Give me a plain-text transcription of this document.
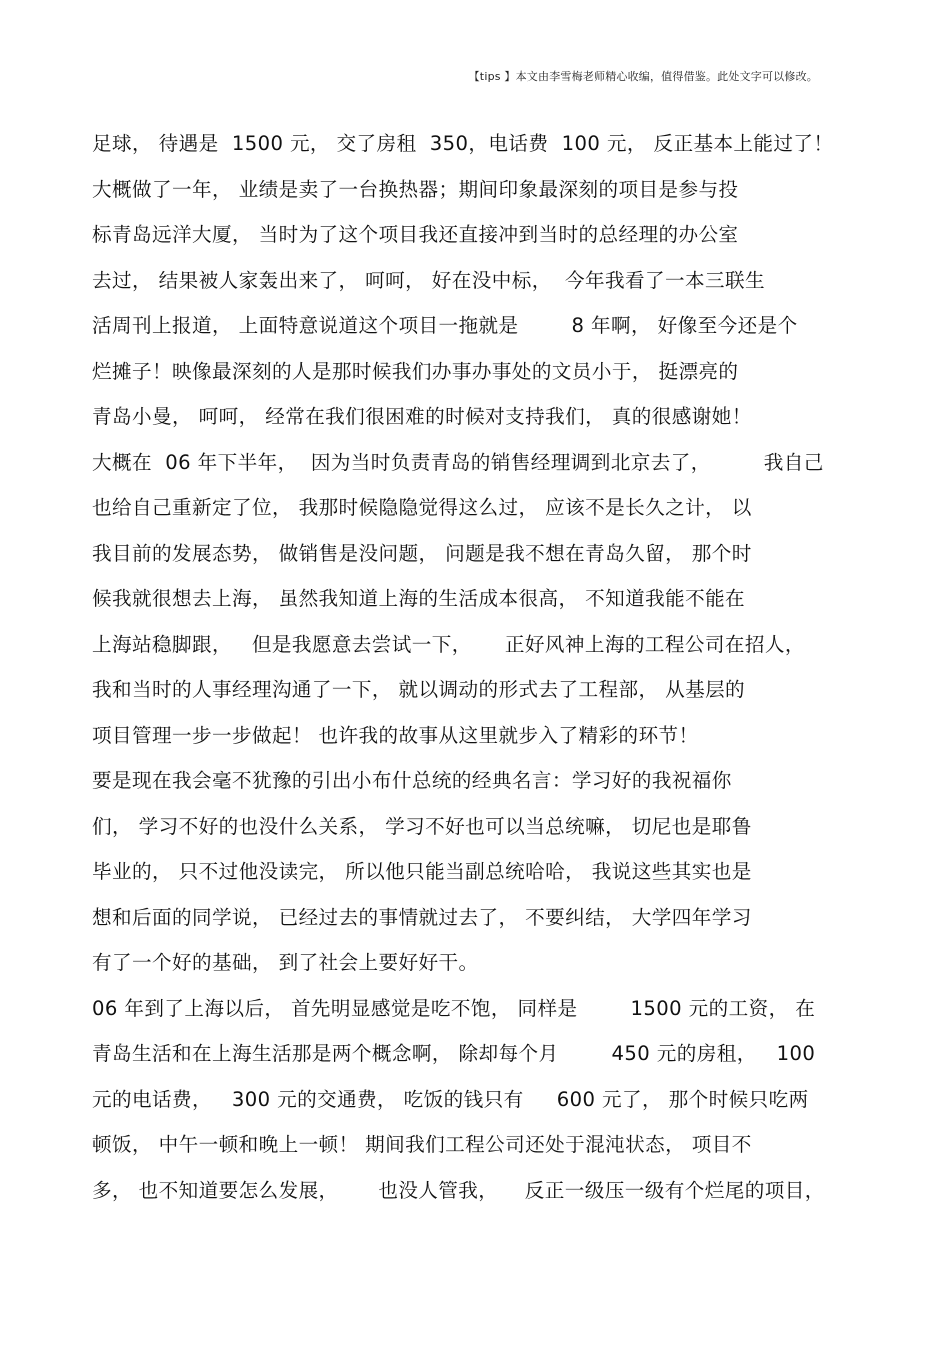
【tips 】本文由李雪梅老师精心收编，值得借鉴。此处文字可以修改。
足球， 待遇是  1500 元， 交了房租  350，电话费  100 元， 反正基本上能过了！
大概做了一年， 业绩是卖了一台换热器；期间印象最深刻的项目是参与投
标青岛远洋大厦， 当时为了这个项目我还直接冲到当时的总经理的办公室
去过， 结果被人家轰出来了， 呵呵， 好在没中标，  今年我看了一本三联生
活周刊上报道， 上面特意说道这个项目一拖就是        8 年啊， 好像至今还是个
烂摊子！映像最深刻的人是那时候我们办事办事处的文员小于， 挺漂亮的
青岛小曼， 呵呵， 经常在我们很困难的时候对支持我们， 真的很感谢她！
大概在  06 年下半年，  因为当时负责青岛的销售经理调到北京去了，        我自己
也给自己重新定了位， 我那时候隐隐觉得这么过， 应该不是长久之计， 以
我目前的发展态势， 做销售是没问题， 问题是我不想在青岛久留， 那个时
候我就很想去上海， 虽然我知道上海的生活成本很高， 不知道我能不能在
上海站稳脚跟，   但是我愿意去尝试一下，     正好风神上海的工程公司在招人，
我和当时的人事经理沟通了一下， 就以调动的形式去了工程部， 从基层的
项目管理一步一步做起！ 也许我的故事从这里就步入了精彩的环节！
要是现在我会毫不犹豫的引出小布什总统的经典名言：学习好的我祝福你
们， 学习不好的也没什么关系， 学习不好也可以当总统嘛， 切尼也是耶鲁
毕业的， 只不过他没读完， 所以他只能当副总统哈哈， 我说这些其实也是
想和后面的同学说， 已经过去的事情就过去了， 不要纠结， 大学四年学习
有了一个好的基础， 到了社会上要好好干。
06 年到了上海以后， 首先明显感觉是吃不饱， 同样是        1500 元的工资， 在
青岛生活和在上海生活那是两个概念啊， 除却每个月        450 元的房租，   100
元的电话费，   300 元的交通费， 吃饭的钱只有     600 元了， 那个时候只吃两
顿饭， 中午一顿和晚上一顿！ 期间我们工程公司还处于混沌状态， 项目不
多， 也不知道要怎么发展，      也没人管我，    反正一级压一级有个烂尾的项目，
